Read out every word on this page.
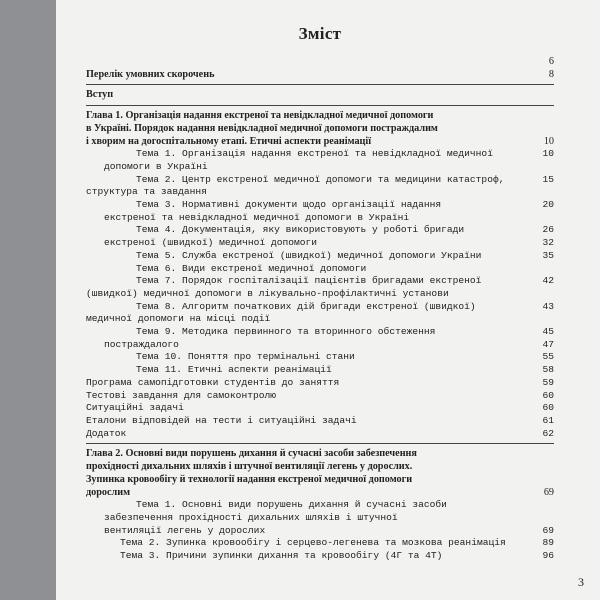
Зміст
6
Перелік умовних скорочень	8
Вступ
Глава 1. Організація надання екстреної та невідкладної медичної допомоги
в Україні. Порядок надання невідкладної медичної допомоги постраждалим
і хворим на догоспітальному етапі. Етичні аспекти реанімації	10
Тема 1. Організація надання екстреної та невідкладної медичної	10
допомоги в Україні
Тема 2. Центр екстреної медичної допомоги та медицини катастроф,	15
структура та завдання
Тема 3. Нормативні документи щодо організації надання	20
екстреної та невідкладної медичної допомоги в Україні
Тема 4. Документація, яку використовують у роботі бригади	26
екстреної (швидкої) медичної допомоги	32
Тема 5. Служба екстреної (швидкої) медичної допомоги України	35
Тема 6. Види екстреної медичної допомоги
Тема 7. Порядок госпіталізації пацієнтів бригадами екстреної	42
(швидкої) медичної допомоги в лікувально-профілактичні установи
Тема 8. Алгоритм початкових дій бригади екстреної (швидкої)	43
медичної допомоги на місці події
Тема 9. Методика первинного та вторинного обстеження	45
постраждалого	47
Тема 10. Поняття про термінальні стани	55
Тема 11. Етичні аспекти реанімації	58
Програма самопідготовки студентів до заняття	59
Тестові завдання для самоконтролю	60
Ситуаційні задачі	60
Еталони відповідей на тести і ситуаційні задачі	61
Додаток	62
Глава 2. Основні види порушень дихання й сучасні засоби забезпечення
прохідності дихальних шляхів і штучної вентиляції легень у дорослих.
Зупинка кровообігу й технології надання екстреної медичної допомоги
дорослим	69
Тема 1. Основні види порушень дихання й сучасні засоби
забезпечення прохідності дихальних шляхів і штучної
вентиляції легень у дорослих	69
Тема 2. Зупинка кровообігу і серцево-легенева та мозкова реанімація	89
Тема 3. Причини зупинки дихання та кровообігу (4Г та 4Т)	96
3
